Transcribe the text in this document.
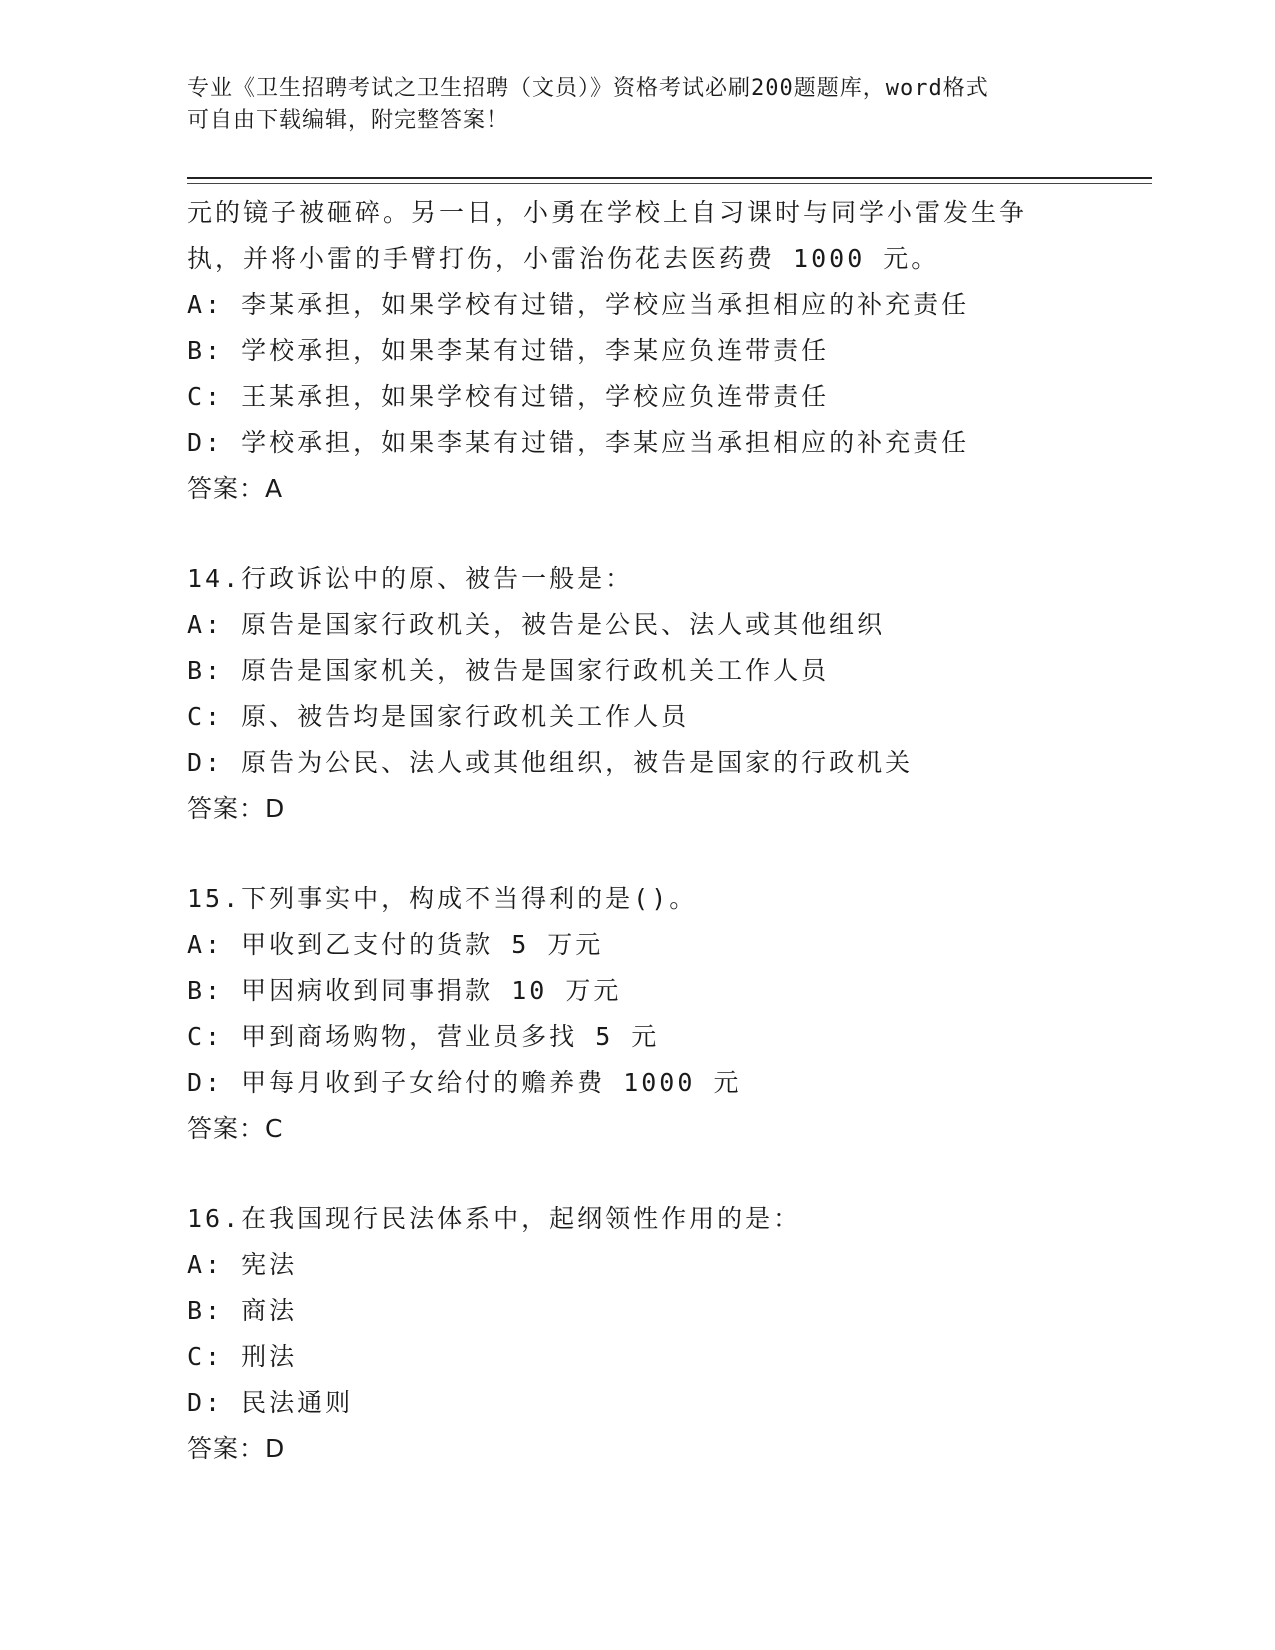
专业《卫生招聘考试之卫生招聘（文员）》资格考试必刷200题题库，word格式
可自由下载编辑，附完整答案！
元的镜子被砸碎。另一日，小勇在学校上自习课时与同学小雷发生争
执，并将小雷的手臂打伤，小雷治伤花去医药费 1000 元。
A: 李某承担，如果学校有过错，学校应当承担相应的补充责任
B: 学校承担，如果李某有过错，李某应负连带责任
C: 王某承担，如果学校有过错，学校应负连带责任
D: 学校承担，如果李某有过错，李某应当承担相应的补充责任
答案：A
14.行政诉讼中的原、被告一般是：
A: 原告是国家行政机关，被告是公民、法人或其他组织
B: 原告是国家机关，被告是国家行政机关工作人员
C: 原、被告均是国家行政机关工作人员
D: 原告为公民、法人或其他组织，被告是国家的行政机关
答案：D
15.下列事实中，构成不当得利的是()。
A: 甲收到乙支付的货款 5 万元
B: 甲因病收到同事捐款 10 万元
C: 甲到商场购物，营业员多找 5 元
D: 甲每月收到子女给付的赡养费 1000 元
答案：C
16.在我国现行民法体系中，起纲领性作用的是：
A: 宪法
B: 商法
C: 刑法
D: 民法通则
答案：D
